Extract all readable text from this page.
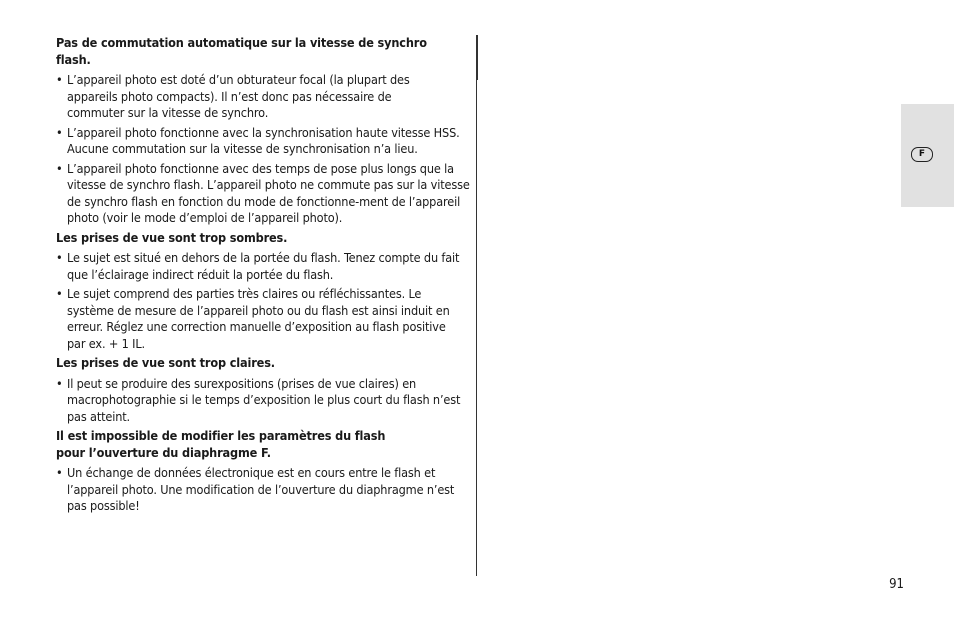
Pas de commutation automatique sur la vitesse de synchro flash.

• L’appareil photo est doté d’un obturateur focal (la plupart des appareils photo compacts). Il n’est donc pas nécessaire de commuter sur la vitesse de synchro.

• L’appareil photo fonctionne avec la synchronisation haute vitesse HSS. Aucune commutation sur la vitesse de synchronisation n’a lieu.

• L’appareil photo fonctionne avec des temps de pose plus longs que la vitesse de synchro flash. L’appareil photo ne commute pas sur la vitesse de synchro flash en fonction du mode de fonctionne-ment de l’appareil photo (voir le mode d’emploi de l’appareil photo).

Les prises de vue sont trop sombres.

• Le sujet est situé en dehors de la portée du flash. Tenez compte du fait que l’éclairage indirect réduit la portée du flash.

• Le sujet comprend des parties très claires ou réfléchissantes. Le système de mesure de l’appareil photo ou du flash est ainsi induit en erreur. Réglez une correction manuelle d’exposition au flash positive par ex. + 1 IL.

Les prises de vue sont trop claires.

• Il peut se produire des surexpositions (prises de vue claires) en macrophotographie si le temps d’exposition le plus court du flash n’est pas atteint.

Il est impossible de modifier les paramètres du flash pour l’ouverture du diaphragme F.

• Un échange de données électronique est en cours entre le flash et l’appareil photo. Une modification de l’ouverture du diaphragme n’est pas possible!

F
91
